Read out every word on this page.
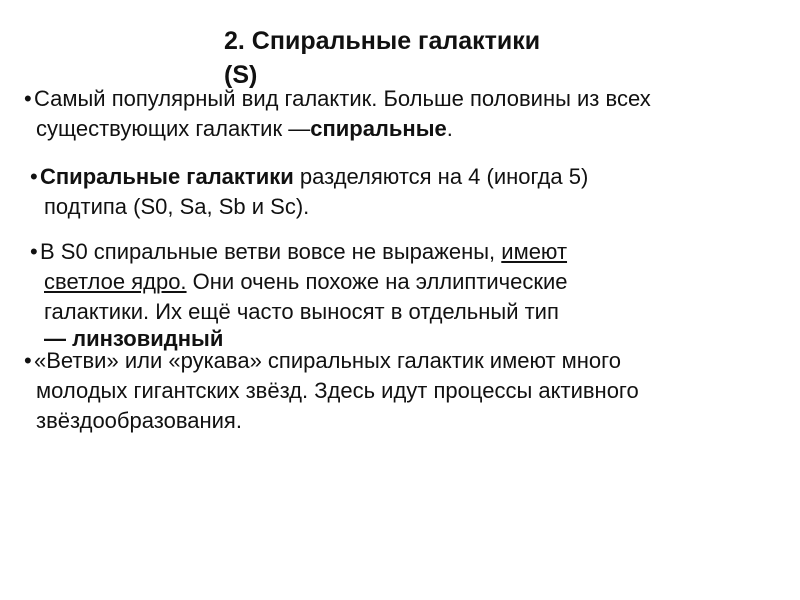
2. Спиральные галактики
(S)
• Самый популярный вид галактик. Больше половины из всех
существующих галактик —спиральные.
• Спиральные галактики разделяются на 4 (иногда 5)
подтипа (S0, Sa, Sb и Sc).
• В S0 спиральные ветви вовсе не выражены, имеют
светлое ядро. Они очень похоже на эллиптические
галактики. Их ещё часто выносят в отдельный тип
— линзовидный
• «Ветви» или «рукава» спиральных галактик имеют много
молодых гигантских звёзд. Здесь идут процессы активного
звёздообразования.
